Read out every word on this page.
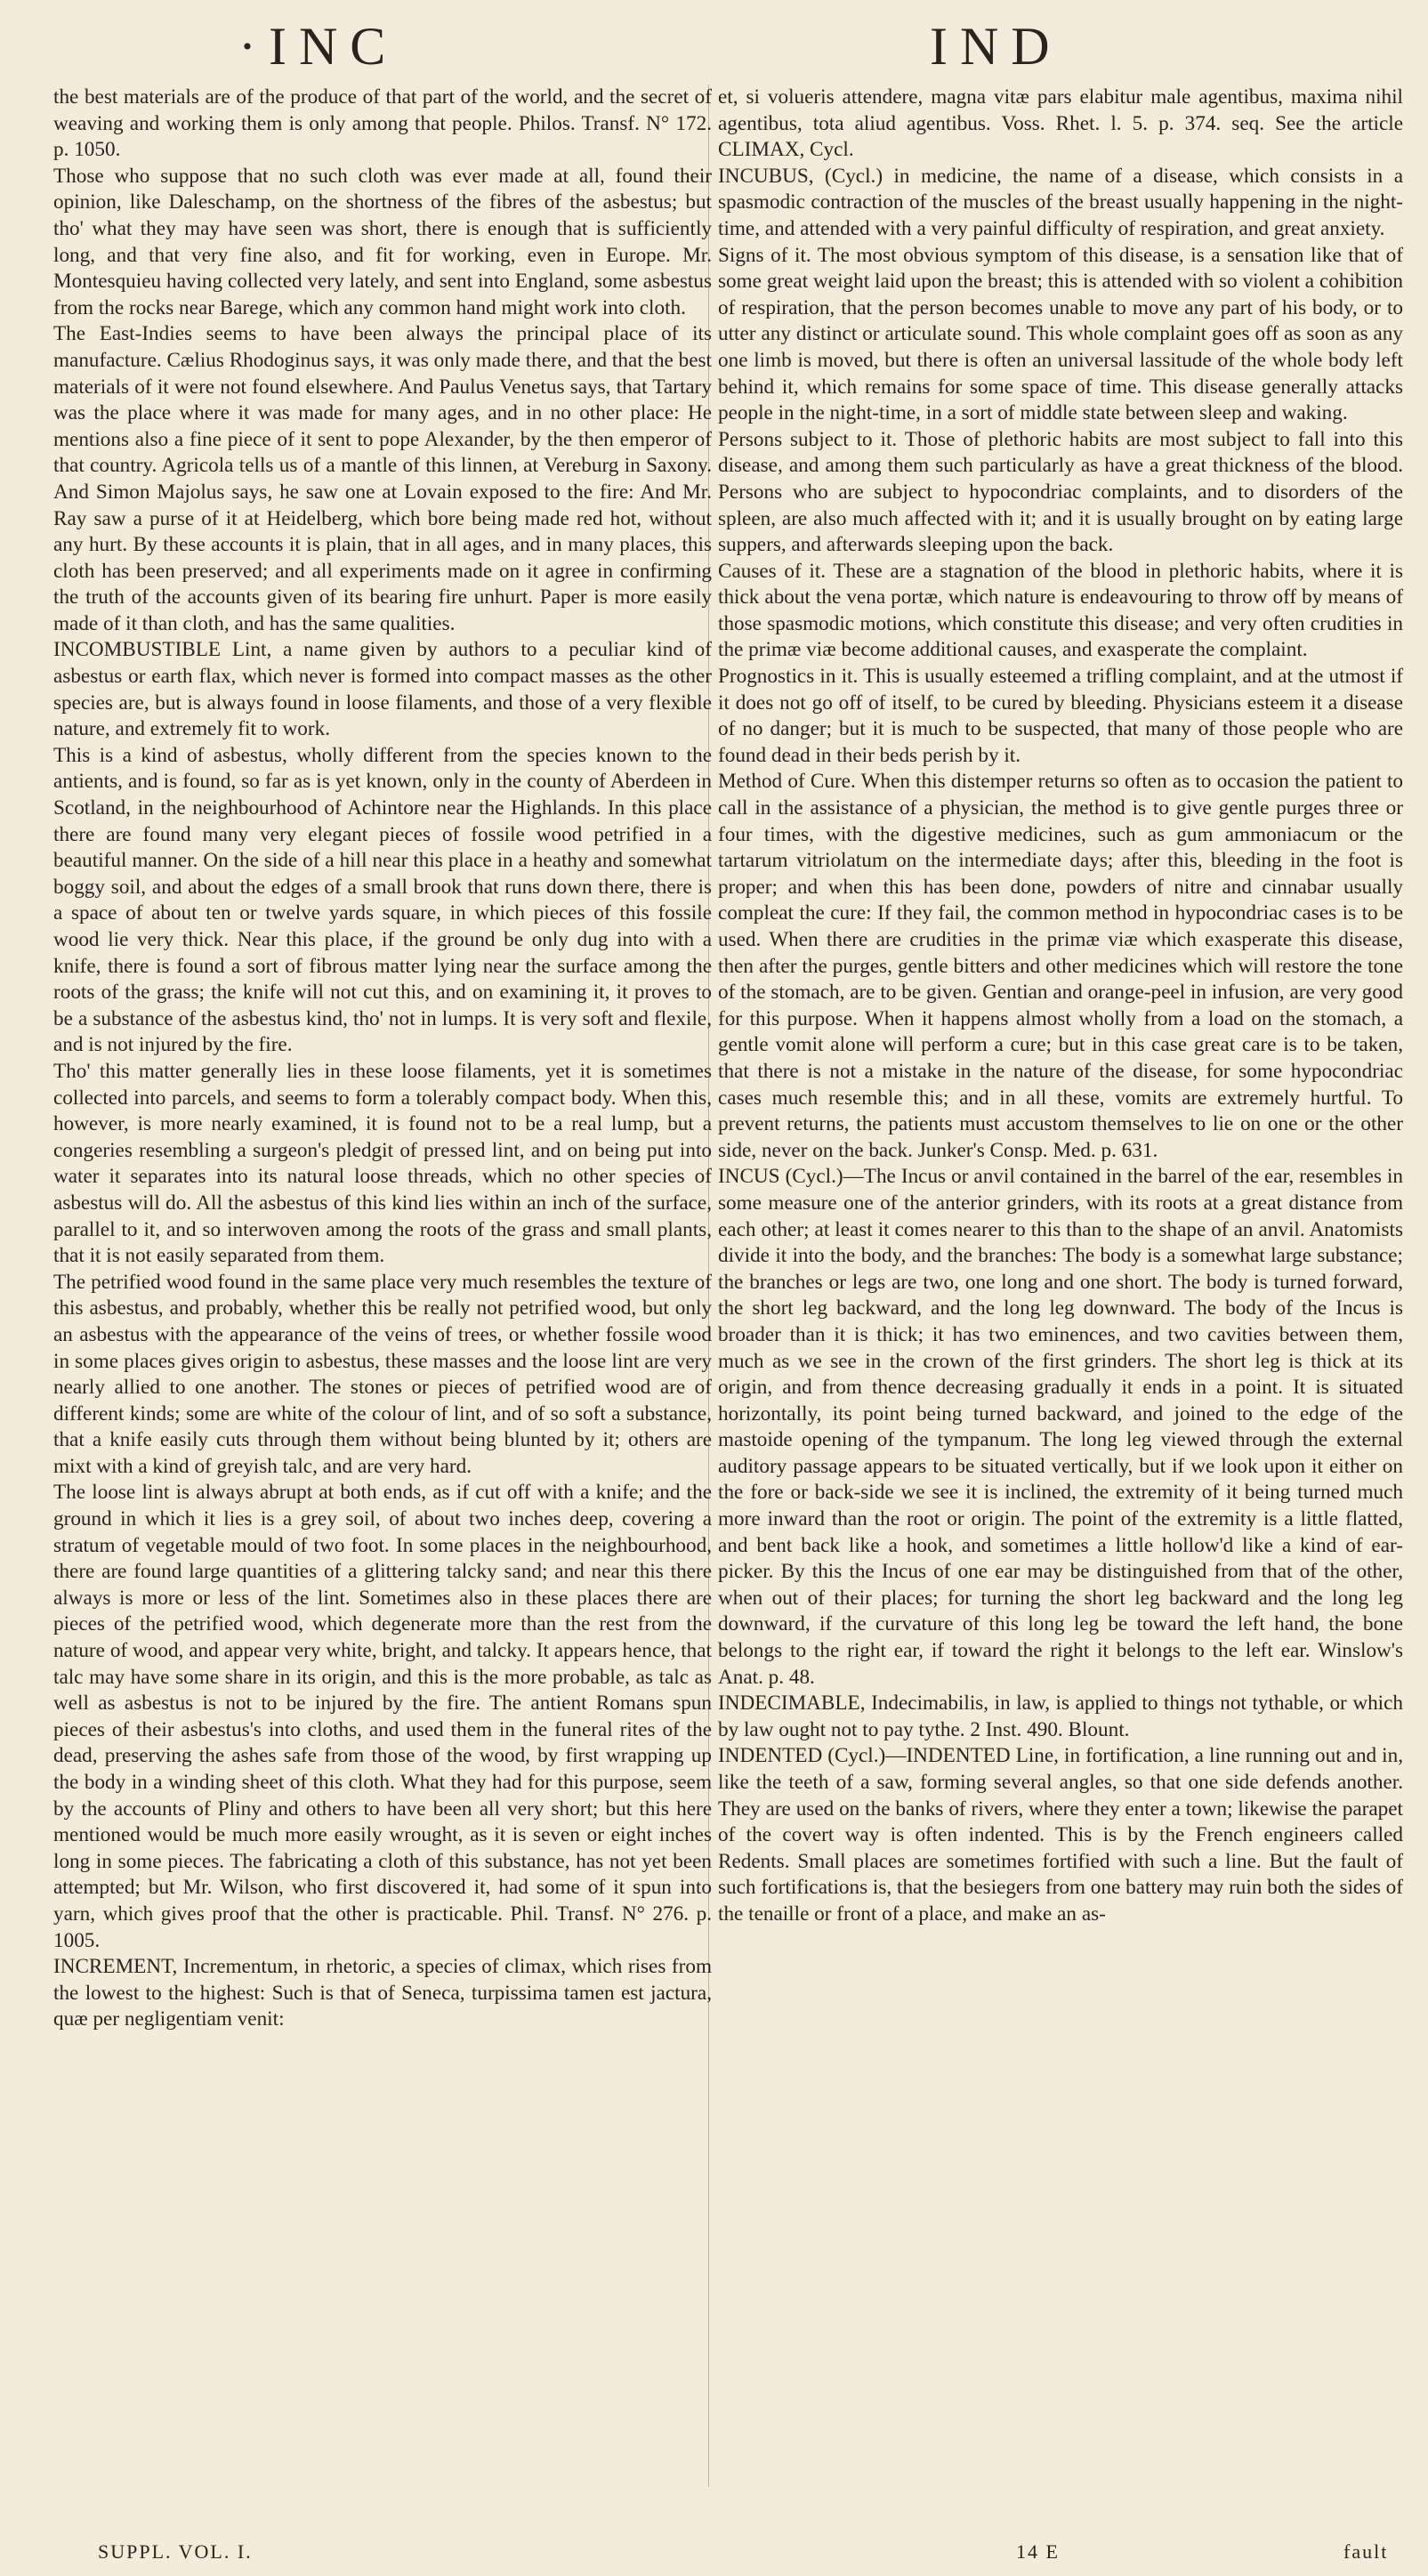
·INC	IND

the best materials are of the produce of that part of the world, and the secret of weaving and working them is only among that people. Philos. Transf. N° 172. p. 1050.

Those who suppose that no such cloth was ever made at all, found their opinion, like Daleschamp, on the shortness of the fibres of the asbestus; but tho' what they may have seen was short, there is enough that is sufficiently long, and that very fine also, and fit for working, even in Europe. Mr. Montesquieu having collected very lately, and sent into England, some asbestus from the rocks near Barege, which any common hand might work into cloth.

The East-Indies seems to have been always the principal place of its manufacture. Cælius Rhodoginus says, it was only made there, and that the best materials of it were not found elsewhere. And Paulus Venetus says, that Tartary was the place where it was made for many ages, and in no other place: He mentions also a fine piece of it sent to pope Alexander, by the then emperor of that country. Agricola tells us of a mantle of this linnen, at Vereburg in Saxony. And Simon Majolus says, he saw one at Lovain exposed to the fire: And Mr. Ray saw a purse of it at Heidelberg, which bore being made red hot, without any hurt. By these accounts it is plain, that in all ages, and in many places, this cloth has been preserved; and all experiments made on it agree in confirming the truth of the accounts given of its bearing fire unhurt. Paper is more easily made of it than cloth, and has the same qualities.

INCOMBUSTIBLE Lint, a name given by authors to a peculiar kind of asbestus or earth flax, which never is formed into compact masses as the other species are, but is always found in loose filaments, and those of a very flexible nature, and extremely fit to work.

This is a kind of asbestus, wholly different from the species known to the antients, and is found, so far as is yet known, only in the county of Aberdeen in Scotland, in the neighbourhood of Achintore near the Highlands. In this place there are found many very elegant pieces of fossile wood petrified in a beautiful manner. On the side of a hill near this place in a heathy and somewhat boggy soil, and about the edges of a small brook that runs down there, there is a space of about ten or twelve yards square, in which pieces of this fossile wood lie very thick. Near this place, if the ground be only dug into with a knife, there is found a sort of fibrous matter lying near the surface among the roots of the grass; the knife will not cut this, and on examining it, it proves to be a substance of the asbestus kind, tho' not in lumps. It is very soft and flexile, and is not injured by the fire.

Tho' this matter generally lies in these loose filaments, yet it is sometimes collected into parcels, and seems to form a tolerably compact body. When this, however, is more nearly examined, it is found not to be a real lump, but a congeries resembling a surgeon's pledgit of pressed lint, and on being put into water it separates into its natural loose threads, which no other species of asbestus will do. All the asbestus of this kind lies within an inch of the surface, parallel to it, and so interwoven among the roots of the grass and small plants, that it is not easily separated from them.

The petrified wood found in the same place very much resembles the texture of this asbestus, and probably, whether this be really not petrified wood, but only an asbestus with the appearance of the veins of trees, or whether fossile wood in some places gives origin to asbestus, these masses and the loose lint are very nearly allied to one another. The stones or pieces of petrified wood are of different kinds; some are white of the colour of lint, and of so soft a substance, that a knife easily cuts through them without being blunted by it; others are mixt with a kind of greyish talc, and are very hard.

The loose lint is always abrupt at both ends, as if cut off with a knife; and the ground in which it lies is a grey soil, of about two inches deep, covering a stratum of vegetable mould of two foot. In some places in the neighbourhood, there are found large quantities of a glittering talcky sand; and near this there always is more or less of the lint. Sometimes also in these places there are pieces of the petrified wood, which degenerate more than the rest from the nature of wood, and appear very white, bright, and talcky. It appears hence, that talc may have some share in its origin, and this is the more probable, as talc as well as asbestus is not to be injured by the fire. The antient Romans spun pieces of their asbestus's into cloths, and used them in the funeral rites of the dead, preserving the ashes safe from those of the wood, by first wrapping up the body in a winding sheet of this cloth. What they had for this purpose, seem by the accounts of Pliny and others to have been all very short; but this here mentioned would be much more easily wrought, as it is seven or eight inches long in some pieces. The fabricating a cloth of this substance, has not yet been attempted; but Mr. Wilson, who first discovered it, had some of it spun into yarn, which gives proof that the other is practicable. Phil. Transf. N° 276. p. 1005.

INCREMENT, Incrementum, in rhetoric, a species of climax, which rises from the lowest to the highest: Such is that of Seneca, turpissima tamen est jactura, quæ per negligentiam venit:

et, si volueris attendere, magna vitæ pars elabitur male agentibus, maxima nihil agentibus, tota aliud agentibus. Voss. Rhet. l. 5. p. 374. seq. See the article CLIMAX, Cycl.

INCUBUS, (Cycl.) in medicine, the name of a disease, which consists in a spasmodic contraction of the muscles of the breast usually happening in the night-time, and attended with a very painful difficulty of respiration, and great anxiety.

Signs of it. The most obvious symptom of this disease, is a sensation like that of some great weight laid upon the breast; this is attended with so violent a cohibition of respiration, that the person becomes unable to move any part of his body, or to utter any distinct or articulate sound. This whole complaint goes off as soon as any one limb is moved, but there is often an universal lassitude of the whole body left behind it, which remains for some space of time. This disease generally attacks people in the night-time, in a sort of middle state between sleep and waking.

Persons subject to it. Those of plethoric habits are most subject to fall into this disease, and among them such particularly as have a great thickness of the blood. Persons who are subject to hypocondriac complaints, and to disorders of the spleen, are also much affected with it; and it is usually brought on by eating large suppers, and afterwards sleeping upon the back.

Causes of it. These are a stagnation of the blood in plethoric habits, where it is thick about the vena portæ, which nature is endeavouring to throw off by means of those spasmodic motions, which constitute this disease; and very often crudities in the primæ viæ become additional causes, and exasperate the complaint.

Prognostics in it. This is usually esteemed a trifling complaint, and at the utmost if it does not go off of itself, to be cured by bleeding. Physicians esteem it a disease of no danger; but it is much to be suspected, that many of those people who are found dead in their beds perish by it.

Method of Cure. When this distemper returns so often as to occasion the patient to call in the assistance of a physician, the method is to give gentle purges three or four times, with the digestive medicines, such as gum ammoniacum or the tartarum vitriolatum on the intermediate days; after this, bleeding in the foot is proper; and when this has been done, powders of nitre and cinnabar usually compleat the cure: If they fail, the common method in hypocondriac cases is to be used. When there are crudities in the primæ viæ which exasperate this disease, then after the purges, gentle bitters and other medicines which will restore the tone of the stomach, are to be given. Gentian and orange-peel in infusion, are very good for this purpose. When it happens almost wholly from a load on the stomach, a gentle vomit alone will perform a cure; but in this case great care is to be taken, that there is not a mistake in the nature of the disease, for some hypocondriac cases much resemble this; and in all these, vomits are extremely hurtful. To prevent returns, the patients must accustom themselves to lie on one or the other side, never on the back. Junker's Consp. Med. p. 631.

INCUS (Cycl.)—The Incus or anvil contained in the barrel of the ear, resembles in some measure one of the anterior grinders, with its roots at a great distance from each other; at least it comes nearer to this than to the shape of an anvil. Anatomists divide it into the body, and the branches: The body is a somewhat large substance; the branches or legs are two, one long and one short. The body is turned forward, the short leg backward, and the long leg downward. The body of the Incus is broader than it is thick; it has two eminences, and two cavities between them, much as we see in the crown of the first grinders. The short leg is thick at its origin, and from thence decreasing gradually it ends in a point. It is situated horizontally, its point being turned backward, and joined to the edge of the mastoide opening of the tympanum. The long leg viewed through the external auditory passage appears to be situated vertically, but if we look upon it either on the fore or back-side we see it is inclined, the extremity of it being turned much more inward than the root or origin. The point of the extremity is a little flatted, and bent back like a hook, and sometimes a little hollow'd like a kind of ear-picker. By this the Incus of one ear may be distinguished from that of the other, when out of their places; for turning the short leg backward and the long leg downward, if the curvature of this long leg be toward the left hand, the bone belongs to the right ear, if toward the right it belongs to the left ear. Winslow's Anat. p. 48.

INDECIMABLE, Indecimabilis, in law, is applied to things not tythable, or which by law ought not to pay tythe. 2 Inst. 490. Blount.

INDENTED (Cycl.)—INDENTED Line, in fortification, a line running out and in, like the teeth of a saw, forming several angles, so that one side defends another. They are used on the banks of rivers, where they enter a town; likewise the parapet of the covert way is often indented. This is by the French engineers called Redents. Small places are sometimes fortified with such a line. But the fault of such fortifications is, that the besiegers from one battery may ruin both the sides of the tenaille or front of a place, and make an as-

SUPPL. VOL. I.	14 E	fault
